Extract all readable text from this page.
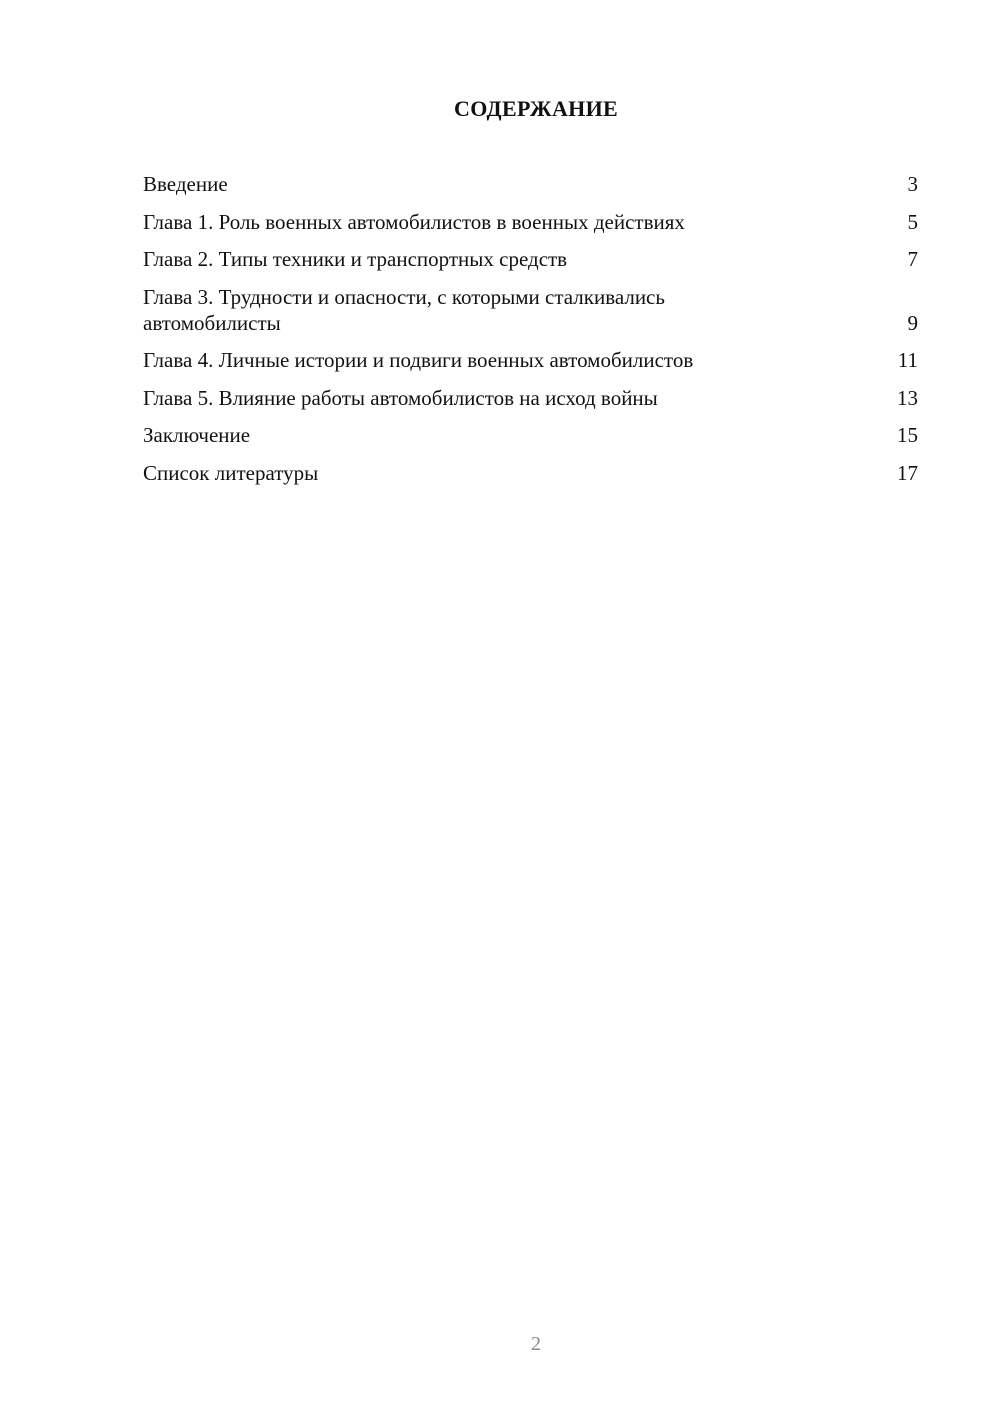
СОДЕРЖАНИЕ
Введение	3
Глава 1. Роль военных автомобилистов в военных действиях	5
Глава 2. Типы техники и транспортных средств	7
Глава 3. Трудности и опасности, с которыми сталкивались автомобилисты	9
Глава 4. Личные истории и подвиги военных автомобилистов	11
Глава 5. Влияние работы автомобилистов на исход войны	13
Заключение	15
Список литературы	17
2
